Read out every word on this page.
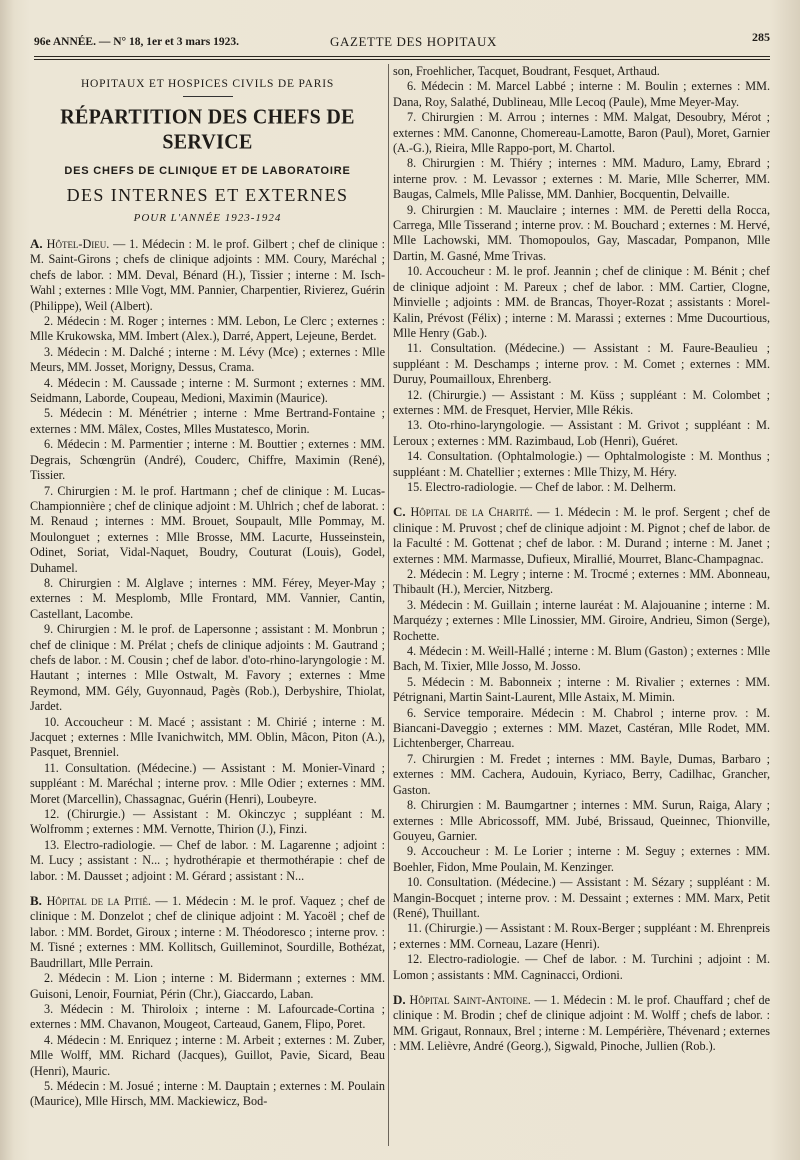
96e ANNÉE. — N° 18, 1er et 3 mars 1923.	GAZETTE DES HOPITAUX	285
HOPITAUX ET HOSPICES CIVILS DE PARIS
RÉPARTITION DES CHEFS DE SERVICE
DES CHEFS DE CLINIQUE ET DE LABORATOIRE
DES INTERNES ET EXTERNES
POUR L'ANNÉE 1923-1924

A. Hôtel-Dieu. — 1. Médecin : M. le prof. Gilbert ; chef de clinique : M. Saint-Girons ; chefs de clinique adjoints : MM. Coury, Maréchal ; chefs de labor. : MM. Deval, Bénard (H.), Tissier ; interne : M. Isch-Wahl ; externes : Mlle Vogt, MM. Pannier, Charpentier, Rivierez, Guérin (Philippe), Weil (Albert).

2. Médecin : M. Roger ; internes : MM. Lebon, Le Clerc ; externes : Mlle Krukowska, MM. Imbert (Alex.), Darré, Appert, Lejeune, Berdet.

3. Médecin : M. Dalché ; interne : M. Lévy (Mce) ; externes : Mlle Meurs, MM. Josset, Morigny, Dessus, Crama.

4. Médecin : M. Caussade ; interne : M. Surmont ; externes : MM. Seidmann, Laborde, Coupeau, Medioni, Maximin (Maurice).

5. Médecin : M. Ménétrier ; interne : Mme Bertrand-Fontaine ; externes : MM. Mâlex, Costes, Mlles Mustatesco, Morin.

6. Médecin : M. Parmentier ; interne : M. Bouttier ; externes : MM. Degrais, Schœngrün (André), Couderc, Chiffre, Maximin (René), Tissier.

7. Chirurgien : M. le prof. Hartmann ; chef de clinique : M. Lucas-Championnière ; chef de clinique adjoint : M. Uhlrich ; chef de laborat. : M. Renaud ; internes : MM. Brouet, Soupault, Mlle Pommay, M. Moulonguet ; externes : Mlle Brosse, MM. Lacurte, Husseinstein, Odinet, Soriat, Vidal-Naquet, Boudry, Couturat (Louis), Godel, Duhamel.

8. Chirurgien : M. Alglave ; internes : MM. Férey, Meyer-May ; externes : M. Mesplomb, Mlle Frontard, MM. Vannier, Cantin, Castellant, Lacombe.

9. Chirurgien : M. le prof. de Lapersonne ; assistant : M. Monbrun ; chef de clinique : M. Prélat ; chefs de clinique adjoints : M. Gautrand ; chefs de labor. : M. Cousin ; chef de labor. d'oto-rhino-laryngologie : M. Hautant ; internes : Mlle Ostwalt, M. Favory ; externes : Mme Reymond, MM. Gély, Guyonnaud, Pagès (Rob.), Derbyshire, Thiolat, Jardet.

10. Accoucheur : M. Macé ; assistant : M. Chirié ; interne : M. Jacquet ; externes : Mlle Ivanichwitch, MM. Oblin, Mâcon, Piton (A.), Pasquet, Brenniel.

11. Consultation. (Médecine.) — Assistant : M. Monier-Vinard ; suppléant : M. Maréchal ; interne prov. : Mlle Odier ; externes : MM. Moret (Marcellin), Chassagnac, Guérin (Henri), Loubeyre.

12. (Chirurgie.) — Assistant : M. Okinczyc ; suppléant : M. Wolfromm ; externes : MM. Vernotte, Thirion (J.), Finzi.

13. Electro-radiologie. — Chef de labor. : M. Lagarenne ; adjoint : M. Lucy ; assistant : N... ; hydrothérapie et thermothérapie : chef de labor. : M. Dausset ; adjoint : M. Gérard ; assistant : N...

B. Hôpital de la Pitié. — 1. Médecin : M. le prof. Vaquez ; chef de clinique : M. Donzelot ; chef de clinique adjoint : M. Yacoël ; chef de labor. : MM. Bordet, Giroux ; interne : M. Théodoresco ; interne prov. : M. Tisné ; externes : MM. Kollitsch, Guilleminot, Sourdille, Bothézat, Baudrillart, Mlle Perrain.

2. Médecin : M. Lion ; interne : M. Bidermann ; externes : MM. Guisoni, Lenoir, Fourniat, Périn (Chr.), Giaccardo, Laban.

3. Médecin : M. Thiroloix ; interne : M. Lafourcade-Cortina ; externes : MM. Chavanon, Mougeot, Carteaud, Ganem, Flipo, Poret.

4. Médecin : M. Enriquez ; interne : M. Arbeit ; externes : M. Zuber, Mlle Wolff, MM. Richard (Jacques), Guillot, Pavie, Sicard, Beau (Henri), Mauric.

5. Médecin : M. Josué ; interne : M. Dauptain ; externes : M. Poulain (Maurice), Mlle Hirsch, MM. Mackiewicz, Bod-

son, Froehlicher, Tacquet, Boudrant, Fesquet, Arthaud.

6. Médecin : M. Marcel Labbé ; interne : M. Boulin ; externes : MM. Dana, Roy, Salathé, Dublineau, Mlle Lecoq (Paule), Mme Meyer-May.

7. Chirurgien : M. Arrou ; internes : MM. Malgat, Desoubry, Mérot ; externes : MM. Canonne, Chomereau-Lamotte, Baron (Paul), Moret, Garnier (A.-G.), Rieira, Mlle Rappo-port, M. Chartol.

8. Chirurgien : M. Thiéry ; internes : MM. Maduro, Lamy, Ebrard ; interne prov. : M. Levassor ; externes : M. Marie, Mlle Scherrer, MM. Baugas, Calmels, Mlle Palisse, MM. Danhier, Bocquentin, Delvaille.

9. Chirurgien : M. Mauclaire ; internes : MM. de Peretti della Rocca, Carrega, Mlle Tisserand ; interne prov. : M. Bouchard ; externes : M. Hervé, Mlle Lachowski, MM. Thomopoulos, Gay, Mascadar, Pompanon, Mlle Dartin, M. Gasné, Mme Trivas.

10. Accoucheur : M. le prof. Jeannin ; chef de clinique : M. Bénit ; chef de clinique adjoint : M. Pareux ; chef de labor. : MM. Cartier, Clogne, Minvielle ; adjoints : MM. de Brancas, Thoyer-Rozat ; assistants : Morel-Kalin, Prévost (Félix) ; interne : M. Marassi ; externes : Mme Ducourtious, Mlle Henry (Gab.).

11. Consultation. (Médecine.) — Assistant : M. Faure-Beaulieu ; suppléant : M. Deschamps ; interne prov. : M. Comet ; externes : MM. Duruy, Poumailloux, Ehrenberg.

12. (Chirurgie.) — Assistant : M. Küss ; suppléant : M. Colombet ; externes : MM. de Fresquet, Hervier, Mlle Rékis.

13. Oto-rhino-laryngologie. — Assistant : M. Grivot ; suppléant : M. Leroux ; externes : MM. Razimbaud, Lob (Henri), Guéret.

14. Consultation. (Ophtalmologie.) — Ophtalmologiste : M. Monthus ; suppléant : M. Chatellier ; externes : Mlle Thizy, M. Héry.

15. Electro-radiologie. — Chef de labor. : M. Delherm.

C. Hôpital de la Charité. — 1. Médecin : M. le prof. Sergent ; chef de clinique : M. Pruvost ; chef de clinique adjoint : M. Pignot ; chef de labor. de la Faculté : M. Gottenat ; chef de labor. : M. Durand ; interne : M. Janet ; externes : MM. Marmasse, Dufieux, Mirallié, Mourret, Blanc-Champagnac.

2. Médecin : M. Legry ; interne : M. Trocmé ; externes : MM. Abonneau, Thibault (H.), Mercier, Nitzberg.

3. Médecin : M. Guillain ; interne lauréat : M. Alajouanine ; interne : M. Marquézy ; externes : Mlle Linossier, MM. Giroire, Andrieu, Simon (Serge), Rochette.

4. Médecin : M. Weill-Hallé ; interne : M. Blum (Gaston) ; externes : Mlle Bach, M. Tixier, Mlle Josso, M. Josso.

5. Médecin : M. Babonneix ; interne : M. Rivalier ; externes : MM. Pétrignani, Martin Saint-Laurent, Mlle Astaix, M. Mimin.

6. Service temporaire. Médecin : M. Chabrol ; interne prov. : M. Biancani-Daveggio ; externes : MM. Mazet, Castéran, Mlle Rodet, MM. Lichtenberger, Charreau.

7. Chirurgien : M. Fredet ; internes : MM. Bayle, Dumas, Barbaro ; externes : MM. Cachera, Audouin, Kyriaco, Berry, Cadilhac, Grancher, Gaston.

8. Chirurgien : M. Baumgartner ; internes : MM. Surun, Raiga, Alary ; externes : Mlle Abricossoff, MM. Jubé, Brissaud, Queinnec, Thionville, Gouyeu, Garnier.

9. Accoucheur : M. Le Lorier ; interne : M. Seguy ; externes : MM. Boehler, Fidon, Mme Poulain, M. Kenzinger.

10. Consultation. (Médecine.) — Assistant : M. Sézary ; suppléant : M. Mangin-Bocquet ; interne prov. : M. Dessaint ; externes : MM. Marx, Petit (René), Thuillant.

11. (Chirurgie.) — Assistant : M. Roux-Berger ; suppléant : M. Ehrenpreis ; externes : MM. Corneau, Lazare (Henri).

12. Electro-radiologie. — Chef de labor. : M. Turchini ; adjoint : M. Lomon ; assistants : MM. Cagninacci, Ordioni.

D. Hôpital Saint-Antoine. — 1. Médecin : M. le prof. Chauffard ; chef de clinique : M. Brodin ; chef de clinique adjoint : M. Wolff ; chefs de labor. : MM. Grigaut, Ronnaux, Brel ; interne : M. Lempérière, Thévenard ; externes : MM. Lelièvre, André (Georg.), Sigwald, Pinoche, Jullien (Rob.).
